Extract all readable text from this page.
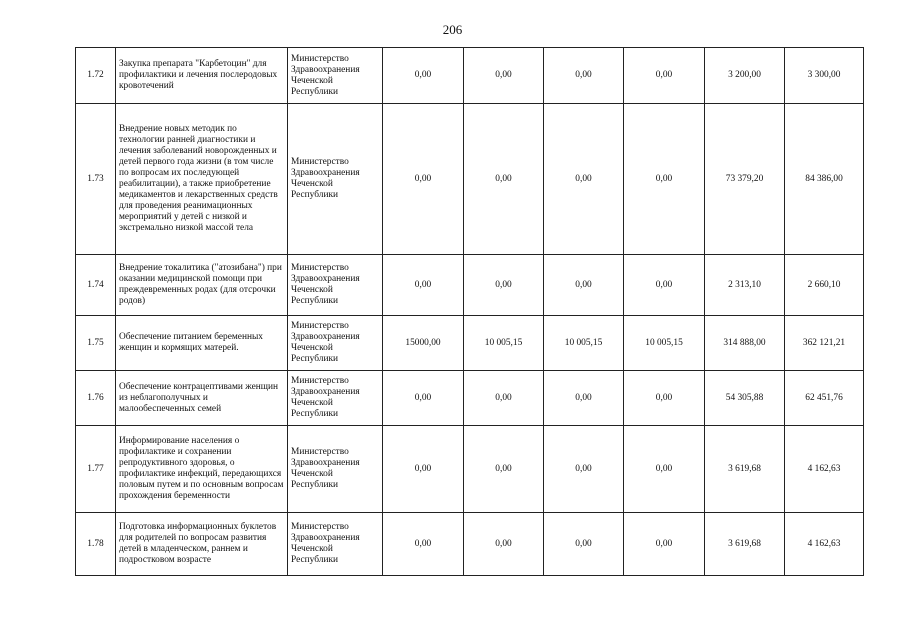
206
1.72	Закупка препарата "Карбетоцин" для профилактики и лечения послеродовых кровотечений	Министерство Здравоохранения Чеченской Республики	0,00	0,00	0,00	0,00	3 200,00	3 300,00
1.73	Внедрение новых методик по технологии ранней диагностики и лечения заболеваний новорожденных и детей первого года жизни (в том числе по вопросам их последующей реабилитации), а также приобретение медикаментов и лекарственных средств для проведения реанимационных мероприятий у детей с низкой и экстремально низкой массой тела	Министерство Здравоохранения Чеченской Республики	0,00	0,00	0,00	0,00	73 379,20	84 386,00
1.74	Внедрение токалитика ("атозибана") при оказании медицинской помощи при преждевременных родах (для отсрочки родов)	Министерство Здравоохранения Чеченской Республики	0,00	0,00	0,00	0,00	2 313,10	2 660,10
1.75	Обеспечение питанием беременных женщин и кормящих матерей.	Министерство Здравоохранения Чеченской Республики	15000,00	10 005,15	10 005,15	10 005,15	314 888,00	362 121,21
1.76	Обеспечение контрацептивами женщин из неблагополучных и малообеспеченных семей	Министерство Здравоохранения Чеченской Республики	0,00	0,00	0,00	0,00	54 305,88	62 451,76
1.77	Информирование населения о профилактике и сохранении репродуктивного здоровья, о профилактике инфекций, передающихся половым путем и по основным вопросам прохождения беременности	Министерство Здравоохранения Чеченской Республики	0,00	0,00	0,00	0,00	3 619,68	4 162,63
1.78	Подготовка информационных буклетов для родителей по вопросам развития детей в младенческом, раннем и подростковом возрасте	Министерство Здравоохранения Чеченской Республики	0,00	0,00	0,00	0,00	3 619,68	4 162,63
